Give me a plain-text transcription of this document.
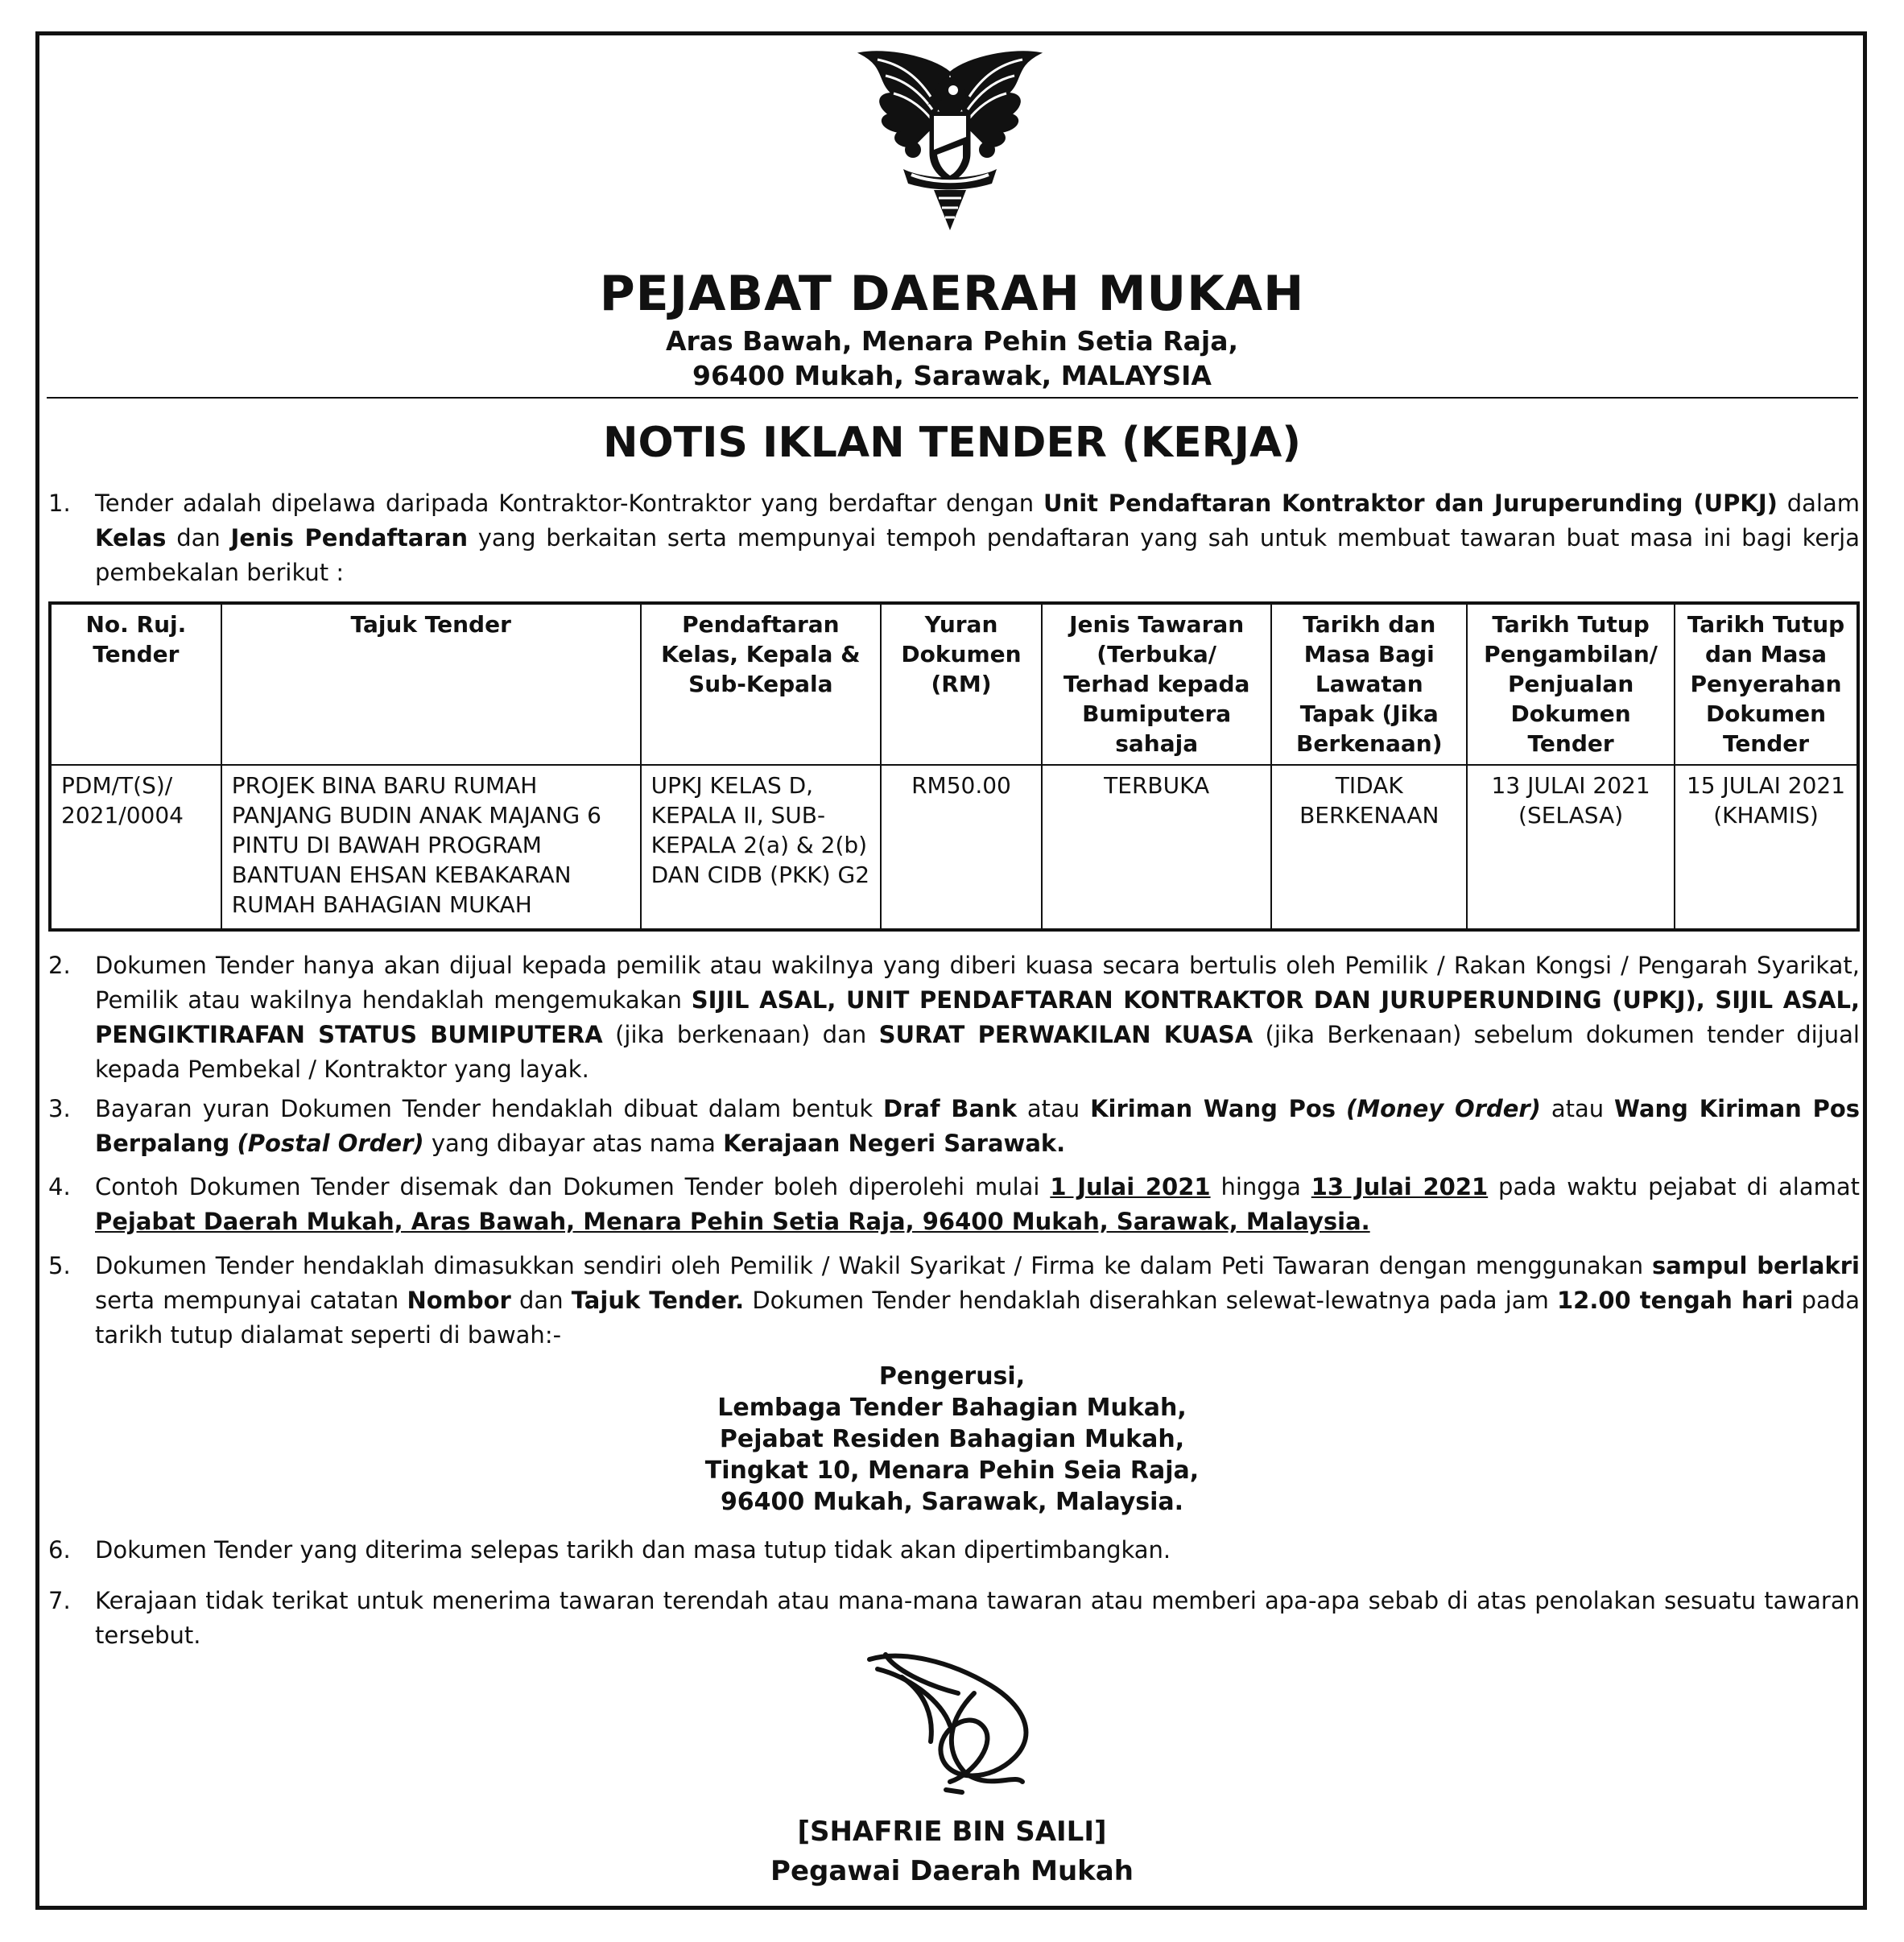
PEJABAT DAERAH MUKAH
Aras Bawah, Menara Pehin Setia Raja,
96400 Mukah, Sarawak, MALAYSIA
NOTIS IKLAN TENDER (KERJA)
1. Tender adalah dipelawa daripada Kontraktor-Kontraktor yang berdaftar dengan Unit Pendaftaran Kontraktor dan Juruperunding (UPKJ) dalam Kelas dan Jenis Pendaftaran yang berkaitan serta mempunyai tempoh pendaftaran yang sah untuk membuat tawaran buat masa ini bagi kerja pembekalan berikut :
No. Ruj. Tender	Tajuk Tender	Pendaftaran Kelas, Kepala & Sub-Kepala	Yuran Dokumen (RM)	Jenis Tawaran (Terbuka/ Terhad kepada Bumiputera sahaja	Tarikh dan Masa Bagi Lawatan Tapak (Jika Berkenaan)	Tarikh Tutup Pengambilan/ Penjualan Dokumen Tender	Tarikh Tutup dan Masa Penyerahan Dokumen Tender
PDM/T(S)/ 2021/0004	PROJEK BINA BARU RUMAH PANJANG BUDIN ANAK MAJANG 6 PINTU DI BAWAH PROGRAM BANTUAN EHSAN KEBAKARAN RUMAH BAHAGIAN MUKAH	UPKJ KELAS D, KEPALA II, SUB-KEPALA 2(a) & 2(b) DAN CIDB (PKK) G2	RM50.00	TERBUKA	TIDAK BERKENAAN	13 JULAI 2021 (SELASA)	15 JULAI 2021 (KHAMIS)
2. Dokumen Tender hanya akan dijual kepada pemilik atau wakilnya yang diberi kuasa secara bertulis oleh Pemilik / Rakan Kongsi / Pengarah Syarikat, Pemilik atau wakilnya hendaklah mengemukakan SIJIL ASAL, UNIT PENDAFTARAN KONTRAKTOR DAN JURUPERUNDING (UPKJ), SIJIL ASAL, PENGIKTIRAFAN STATUS BUMIPUTERA (jika berkenaan) dan SURAT PERWAKILAN KUASA (jika Berkenaan) sebelum dokumen tender dijual kepada Pembekal / Kontraktor yang layak.
3. Bayaran yuran Dokumen Tender hendaklah dibuat dalam bentuk Draf Bank atau Kiriman Wang Pos (Money Order) atau Wang Kiriman Pos Berpalang (Postal Order) yang dibayar atas nama Kerajaan Negeri Sarawak.
4. Contoh Dokumen Tender disemak dan Dokumen Tender boleh diperolehi mulai 1 Julai 2021 hingga 13 Julai 2021 pada waktu pejabat di alamat Pejabat Daerah Mukah, Aras Bawah, Menara Pehin Setia Raja, 96400 Mukah, Sarawak, Malaysia.
5. Dokumen Tender hendaklah dimasukkan sendiri oleh Pemilik / Wakil Syarikat / Firma ke dalam Peti Tawaran dengan menggunakan sampul berlakri serta mempunyai catatan Nombor dan Tajuk Tender. Dokumen Tender hendaklah diserahkan selewat-lewatnya pada jam 12.00 tengah hari pada tarikh tutup dialamat seperti di bawah:-
Pengerusi,
Lembaga Tender Bahagian Mukah,
Pejabat Residen Bahagian Mukah,
Tingkat 10, Menara Pehin Seia Raja,
96400 Mukah, Sarawak, Malaysia.
6. Dokumen Tender yang diterima selepas tarikh dan masa tutup tidak akan dipertimbangkan.
7. Kerajaan tidak terikat untuk menerima tawaran terendah atau mana-mana tawaran atau memberi apa-apa sebab di atas penolakan sesuatu tawaran tersebut.
[SHAFRIE BIN SAILI]
Pegawai Daerah Mukah
